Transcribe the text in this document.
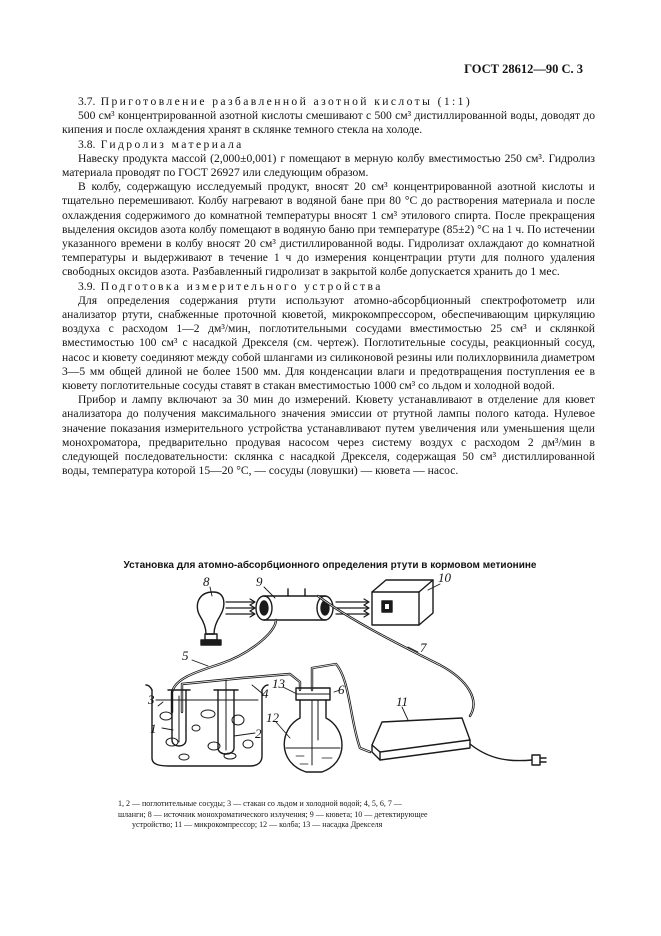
ГОСТ 28612—90 С. 3

3.7. Приготовление разбавленной азотной кислоты (1:1)

500 см³ концентрированной азотной кислоты смешивают с 500 см³ дистиллированной воды, доводят до кипения и после охлаждения хранят в склянке темного стекла на холоде.

3.8. Гидролиз материала

Навеску продукта массой (2,000±0,001) г помещают в мерную колбу вместимостью 250 см³. Гидролиз материала проводят по ГОСТ 26927 или следующим образом.

В колбу, содержащую исследуемый продукт, вносят 20 см³ концентрированной азотной кислоты и тщательно перемешивают. Колбу нагревают в водяной бане при 80 °С до растворения материала и после охлаждения содержимого до комнатной температуры вносят 1 см³ этилового спирта. После прекращения выделения оксидов азота колбу помещают в водяную баню при температуре (85±2) °С на 1 ч. По истечении указанного времени в колбу вносят 20 см³ дистиллированной воды. Гидролизат охлаждают до комнатной температуры и выдерживают в течение 1 ч до измерения концентрации ртути для полного удаления свободных оксидов азота. Разбавленный гидролизат в закрытой колбе допускается хранить до 1 мес.

3.9. Подготовка измерительного устройства

Для определения содержания ртути используют атомно-абсорбционный спектрофотометр или анализатор ртути, снабженные проточной кюветой, микрокомпрессором, обеспечивающим циркуляцию воздуха с расходом 1—2 дм³/мин, поглотительными сосудами вместимостью 25 см³ и склянкой вместимостью 100 см³ с насадкой Дрекселя (см. чертеж). Поглотительные сосуды, реакционный сосуд, насос и кювету соединяют между собой шлангами из силиконовой резины или полихлорвинила диаметром 3—5 мм общей длиной не более 1500 мм. Для конденсации влаги и предотвращения поступления ее в кювету поглотительные сосуды ставят в стакан вместимостью 1000 см³ со льдом и холодной водой.

Прибор и лампу включают за 30 мин до измерений. Кювету устанавливают в отделение для кювет анализатора до получения максимального значения эмиссии от ртутной лампы полого катода. Нулевое значение показания измерительного устройства устанавливают путем увеличения или уменьшения щели монохроматора, предварительно продувая насосом через систему воздух с расходом 2 дм³/мин в следующей последовательности: склянка с насадкой Дрекселя, содержащая 50 см³ дистиллированной воды, температура которой 15—20 °С, — сосуды (ловушки) — кювета — насос.

Установка для атомно-абсорбционного определения ртути в кормовом метионине
8	9	10
7
5
4
13	6
3
1	2
12
11
1, 2 — поглотительные сосуды; 3 — стакан со льдом и холодной водой; 4, 5, 6, 7 —
шланги; 8 — источник монохроматического излучения; 9 — кювета; 10 — детектирующее
устройство; 11 — микрокомпрессор; 12 — колба; 13 — насадка Дрекселя
